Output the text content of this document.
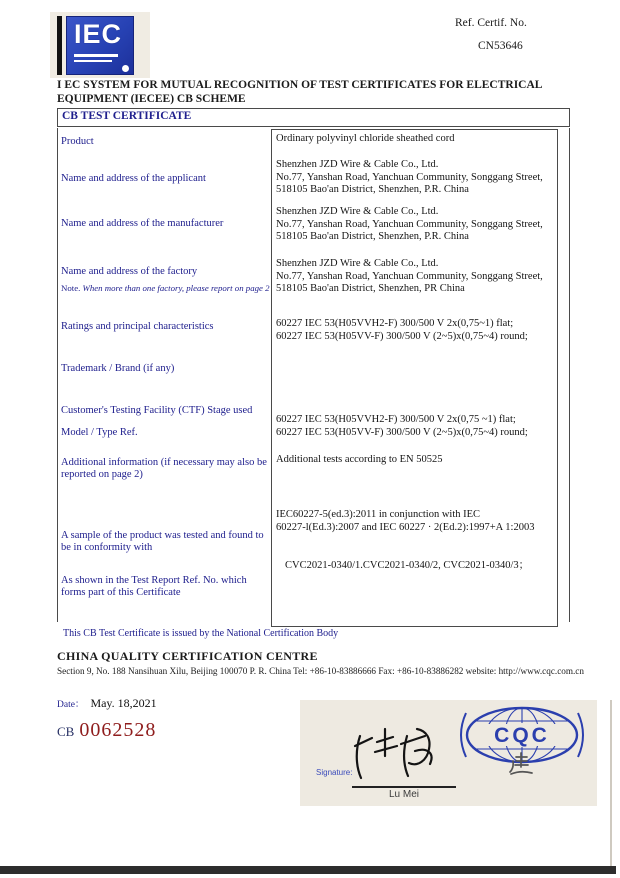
IEC	Ref. Certif. No.
CN53646
I EC SYSTEM FOR MUTUAL RECOGNITION OF TEST CERTIFICATES FOR ELECTRICAL EQUIPMENT (IECEE) CB SCHEME
CB TEST CERTIFICATE
Product
Name and address of the applicant
Name and address of the manufacturer
Name and address of the factory
Note. When more than one factory, please report on page 2
Ratings and principal characteristics
Trademark / Brand (if any)
Customer's Testing Facility (CTF) Stage used
Model / Type Ref.
Additional information (if necessary may also be reported on page 2)
A sample of the product was tested and found to be in conformity with
As shown in the Test Report Ref. No. which forms part of this Certificate
Ordinary polyvinyl chloride sheathed cord
Shenzhen JZD Wire & Cable Co., Ltd.
No.77, Yanshan Road, Yanchuan Community, Songgang Street,
518105 Bao'an District, Shenzhen, P.R. China
Shenzhen JZD Wire & Cable Co., Ltd.
No.77, Yanshan Road, Yanchuan Community, Songgang Street,
518105 Bao'an District, Shenzhen, P.R. China
Shenzhen JZD Wire & Cable Co., Ltd.
No.77, Yanshan Road, Yanchuan Community, Songgang Street,
518105 Bao'an District, Shenzhen, PR China
60227 IEC 53(H05VVH2-F) 300/500 V 2x(0,75~1) flat;
60227 IEC 53(H05VV-F) 300/500 V (2~5)x(0,75~4) round;
60227 IEC 53(H05VVH2-F) 300/500 V 2x(0,75 ~1) flat;
60227 IEC 53(H05VV-F) 300/500 V (2~5)x(0,75~4) round;
Additional tests according to EN 50525
IEC60227-5(ed.3):2011 in conjunction with IEC
60227-l(Ed.3):2007 and IEC 60227 · 2(Ed.2):1997+A 1:2003
CVC2021-0340/1.CVC2021-0340/2, CVC2021-0340/3；
This CB Test Certificate is issued by the National Certification Body
CHINA QUALITY CERTIFICATION CENTRE
Section 9, No. 188 Nansihuan Xilu, Beijing 100070 P. R. China Tel: +86-10-83886666 Fax: +86-10-83886282 website: http://www.cqc.com.cn
Date： May. 18,2021
CB 0062528	CQC
Signature:
Lu Mei
